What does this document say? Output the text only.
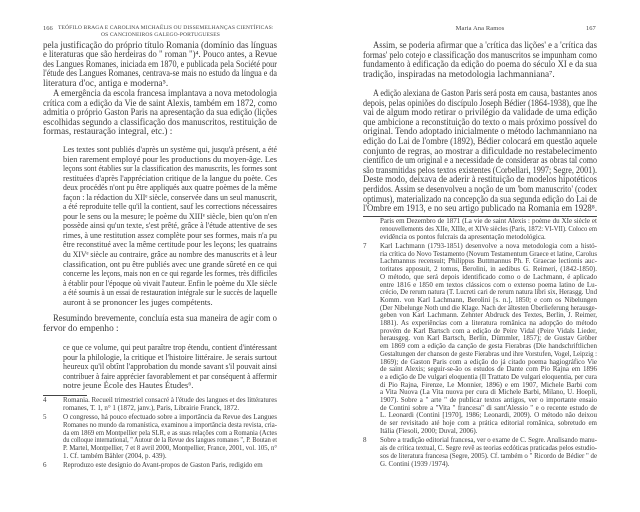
166 TEÓFILO BRAGA E CAROLINA MICHAËLIS OU DISSEMELHANÇAS CIENTÍFICAS:
OS CANCIONEIROS GALEGO-PORTUGUESES
pela justificação do próprio título Romania (domínio das línguas
e literaturas que são herdeiras do " roman ")⁴. Pouco antes, a Revue
des Langues Romanes, iniciada em 1870, e publicada pela Société pour
l'étude des Langues Romanes, centrava-se mais no estudo da língua e da
literatura d'oc, antiga e moderna⁵.
A emergência da escola francesa implantava a nova metodologia
crítica com a edição da Vie de saint Alexis, também em 1872, como
admitia o próprio Gaston Paris na apresentação da sua edição (lições
escolhidas segundo a classificação dos manuscritos, restituição de
formas, restauração integral, etc.) :
Les textes sont publiés d'après un système qui, jusqu'à présent, a été
bien rarement employé pour les productions du moyen-âge. Les
leçons sont établies sur la classification des manuscrits, les formes sont
restituées d'après l'appréciation critique de la langue du poète. Ces
deux procédés n'ont pu être appliqués aux quatre poèmes de la même
façon : la rédaction du XIIᵉ siècle, conservée dans un seul manuscrit,
a été reproduite telle qu'il la contient, sauf les corrections nécessaires
pour le sens ou la mesure; le poème du XIIIᵉ siècle, bien qu'on n'en
possède ainsi qu'un texte, s'est prêté, grâce à l'étude attentive de ses
rimes, à une restitution assez complète pour ses formes, mais n'a pu
être reconstitué avec la même certitude pour les leçons; les quatrains
du XIVᵉ siècle au contraire, grâce au nombre des manuscrits et à leur
classification, ont pu être publiés avec une grande sûreté en ce qui
concerne les leçons, mais non en ce qui regarde les formes, très difficiles
à établir pour l'époque où vivait l'auteur. Enfin le poème du XIe siècle
a été soumis à un essai de restauration intégrale sur le succès de laquelle
auront à se prononcer les juges compétents.
Resumindo brevemente, concluía esta sua maneira de agir com o
fervor do empenho :
ce que ce volume, qui peut paraître trop étendu, contient d'intéressant
pour la philologie, la critique et l'histoire littéraire. Je serais surtout
heureux qu'il obtînt l'approbation du monde savant s'il pouvait ainsi
contribuer à faire apprécier favorablement et par conséquent à affermir
notre jeune École des Hautes Études⁶.
Romania. Recueil trimestriel consacré à l'étude des langues et des littératures
romanes, T. 1, n° 1 (1872, janv.), Paris, Librairie Franck, 1872.
4
O congresso, há pouco efectuado sobre a importância da Revue des Langues
Romanes no mundo da romanística, examinou a importância desta revista, cria-
da em 1869 em Montpellier pela SLR, e as suas relações com a Romania (Actes
du colloque international, " Autour de la Revue des langues romanes ", P. Boutan et
P. Martel, Montpellier, 7 et 8 avril 2000, Montpellier, France, 2001, vol. 105, n°
1. Cf. também Bähler (2004, p. 439).
5
Reproduzo este desígnio do Avant-propos de Gaston Paris, redigido em
6
Maria Ana Ramos	167
Assim, se poderia afirmar que a 'crítica das lições' e a 'crítica das
formas' pelo cotejo e classificação dos manuscritos se impunham como
fundamento à edificação da edição do poema do século XI e da sua
tradição, inspiradas na metodologia lachmanniana⁷.
A edição alexiana de Gaston Paris será posta em causa, bastantes anos
depois, pelas opiniões do discípulo Joseph Bédier (1864-1938), que lhe
vai de algum modo retirar o privilégio da validade de uma edição
que ambicione a reconstituição do texto o mais próximo possível do
original. Tendo adoptado inicialmente o método lachmanniano na
edição do Lai de l'ombre (1892), Bédier colocará em questão aquele
conjunto de regras, ao mostrar a dificuldade no restabelecimento
científico de um original e a necessidade de considerar as obras tal como
são transmitidas pelos textos existentes (Corbellari, 1997; Segre, 2001).
Deste modo, deixava de aderir à restituição de modelos hipotéticos
perdidos. Assim se desenvolveu a noção de um 'bom manuscrito' (codex
optimus), materializado na concepção da sua segunda edição do Lai de
l'Ombre em 1913, e no seu artigo publicado na Romania em 1928⁸.
Paris em Dezembro de 1871 (La vie de saint Alexis : poème du XIe siècle et
renouvellements des XIIe, XIIIe, et XIVe siècles (Paris, 1872: VI-VII). Coloco em
evidência os pontos fulcrais da apresentação metodológica.
Karl Lachmann (1793-1851) desenvolve a nova metodologia com a histó-
ria crítica do Novo Testamento (Novum Testamentum Graece et latine, Carolus
Lachmannus recensuit; Philippus Buttmannus Ph. F. Graecae lectionis auc-
toritates apposuit, 2 tomus, Berolini, in aedibus G. Reimeri, (1842-1850).
O método, que será depois identificado como o de Lachmann, é aplicado
entre 1816 e 1850 em textos clássicos com o extenso poema latino de Lu-
crécio, De rerum natura (T. Lucreti cari de rerum natura libri six, Herasgg. Und
Komm. von Karl Lachmann, Berolini [s. n.], 1850; e com os Nibelungen
(Der Nibelunge Noth und die Klage. Nach der ältesten Überlieferung herausge-
geben von Karl Lachmann. Zehnter Abdruck des Textes, Berlin, J. Reimer,
1881). As experiências com a literatura românica na adopção do método
provém de Karl Bartsch com a edição de Peire Vidal (Peire Vidals Lieder,
herausgeg. von Karl Bartsch, Berlin, Dümmler, 1857); de Gustav Gröber
em 1869 com a edição da canção de gesta Fierabras (Die handschriftlichen
Gestaltungen der chanson de geste Fierabras und ihre Vorstufen, Vogel, Leipzig :
1869); de Gaston Paris com a edição do já citado poema hagiográfico Vie
de saint Alexis; seguir-se-ão os estudos de Dante com Pio Rajna em 1896
e a edição de De vulgari eloquentia (Il Trattato De vulgari eloquentia, per cura
di Pio Rajna, Firenze, Le Monnier, 1896) e em 1907, Michele Barbi com
a Vita Nuova (La Vita nuova per cura di Michele Barbi, Milano, U. Hoepli,
1907). Sobre a " arte " de publicar textos antigos, ver o importante ensaio
de Contini sobre a "Vita " francesa" di sant'Alessio " e o recente estudo de
L. Leonardi (Contini [1970], 1986; Leonardi, 2009). O método não deixou
de ser revisitado até hoje com a prática editorial românica, sobretudo em
Itália (Fiesoli, 2000; Duval, 2006).
7
Sobre a tradição editorial francesa, ver o exame de C. Segre. Analisando manu-
ais de crítica textual, C. Segre revê as teorias ecdóticas praticadas pelos estudio-
sos de literatura francesa (Segre, 2005). Cf. também o " Ricordo de Bédier " de
G. Contini (1939 /1974).
8
